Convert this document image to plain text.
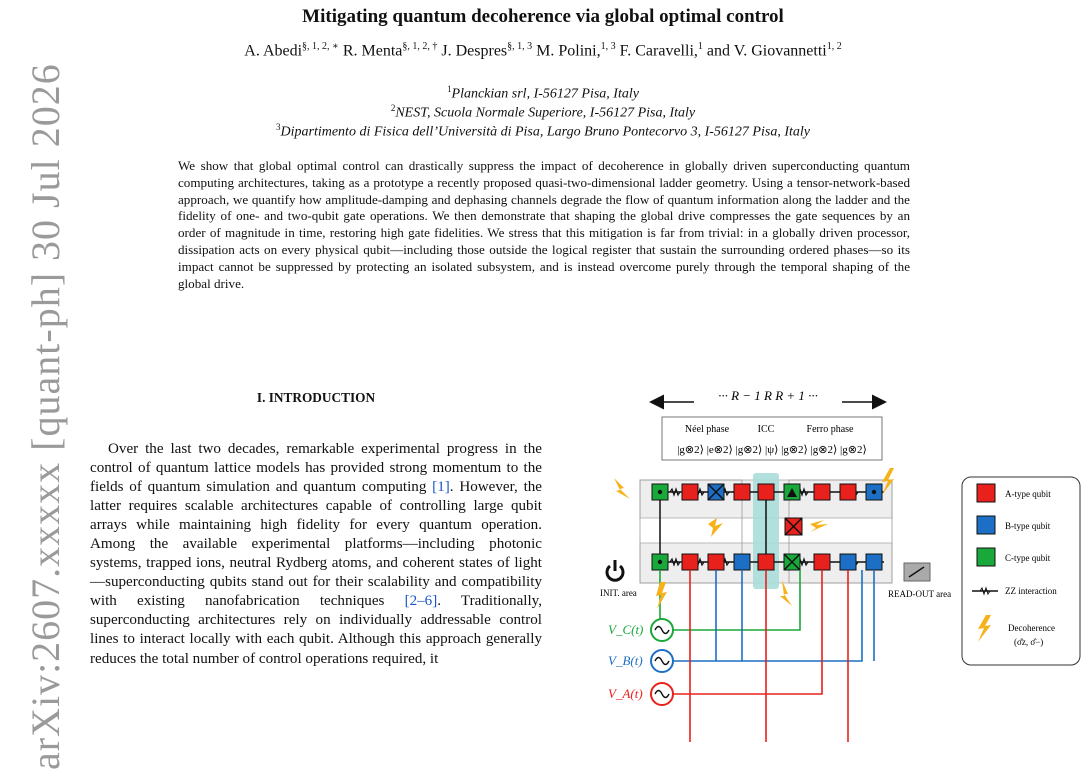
Mitigating quantum decoherence via global optimal control
A. Abedi$^{\S, 1, 2, ∗}$ R. Menta$^{\S, 1, 2, \dagger}$ J. Despres$^{\S, 1, 3}$ M. Polini,$^{1, 3}$ F. Caravelli,$^1$ and V. Giovannetti$^{1, 2}$
$^1$Planckian srl, I-56127 Pisa, Italy
$^2$NEST, Scuola Normale Superiore, I-56127 Pisa, Italy
$^3$Dipartimento di Fisica dell’Università di Pisa, Largo Bruno Pontecorvo 3, I-56127 Pisa, Italy
We show that global optimal control can drastically suppress the impact of decoherence in globally driven superconducting quantum computing architectures, taking as a prototype a recently proposed quasi-two-dimensional ladder geometry. Using a tensor-network-based approach, we quantify how amplitude-damping and dephasing channels degrade the flow of quantum information along the ladder and the fidelity of one- and two-qubit gate operations. We then demonstrate that shaping the global drive compresses the gate sequences by an order of magnitude in time, restoring high gate fidelities. We stress that this mitigation is far from trivial: in a globally driven processor, dissipation acts on every physical qubit—including those outside the logical register that sustain the surrounding ordered phases—so its impact cannot be suppressed by protecting an isolated subsystem, and is instead overcome purely through the temporal shaping of the global drive.
arXiv:2607.xxxxx [quant-ph] 30 Jul 2026	I. INTRODUCTION
Over the last two decades, remarkable experimental progress in the control of quantum lattice models has provided strong momentum to the fields of quantum simulation and quantum computing [1]. However, the latter requires scalable architectures capable of controlling large qubit arrays while maintaining high fidelity for every quantum operation. Among the available experimental platforms—including photonic systems, trapped ions, neutral Rydberg atoms, and coherent states of light—superconducting qubits stand out for their scalability and compatibility with existing nanofabrication techniques [2–6]. Traditionally, superconducting architectures rely on individually addressable control lines to interact locally with each qubit. Although this approach generally reduces the total number of control operations required, it
··· R − 1 R R + 1 ···
Néel phase	ICC	Ferro phase
|g⊗2⟩ |e⊗2⟩ |g⊗2⟩ |ψ⟩ |g⊗2⟩ |g⊗2⟩ |g⊗2⟩
V_C(t)
V_B(t)
V_A(t)
INIT. area	READ-OUT area
A-type qubit
B-type qubit
C-type qubit
ZZ interaction
Decoherence
(σ̂z, σ̂−)
